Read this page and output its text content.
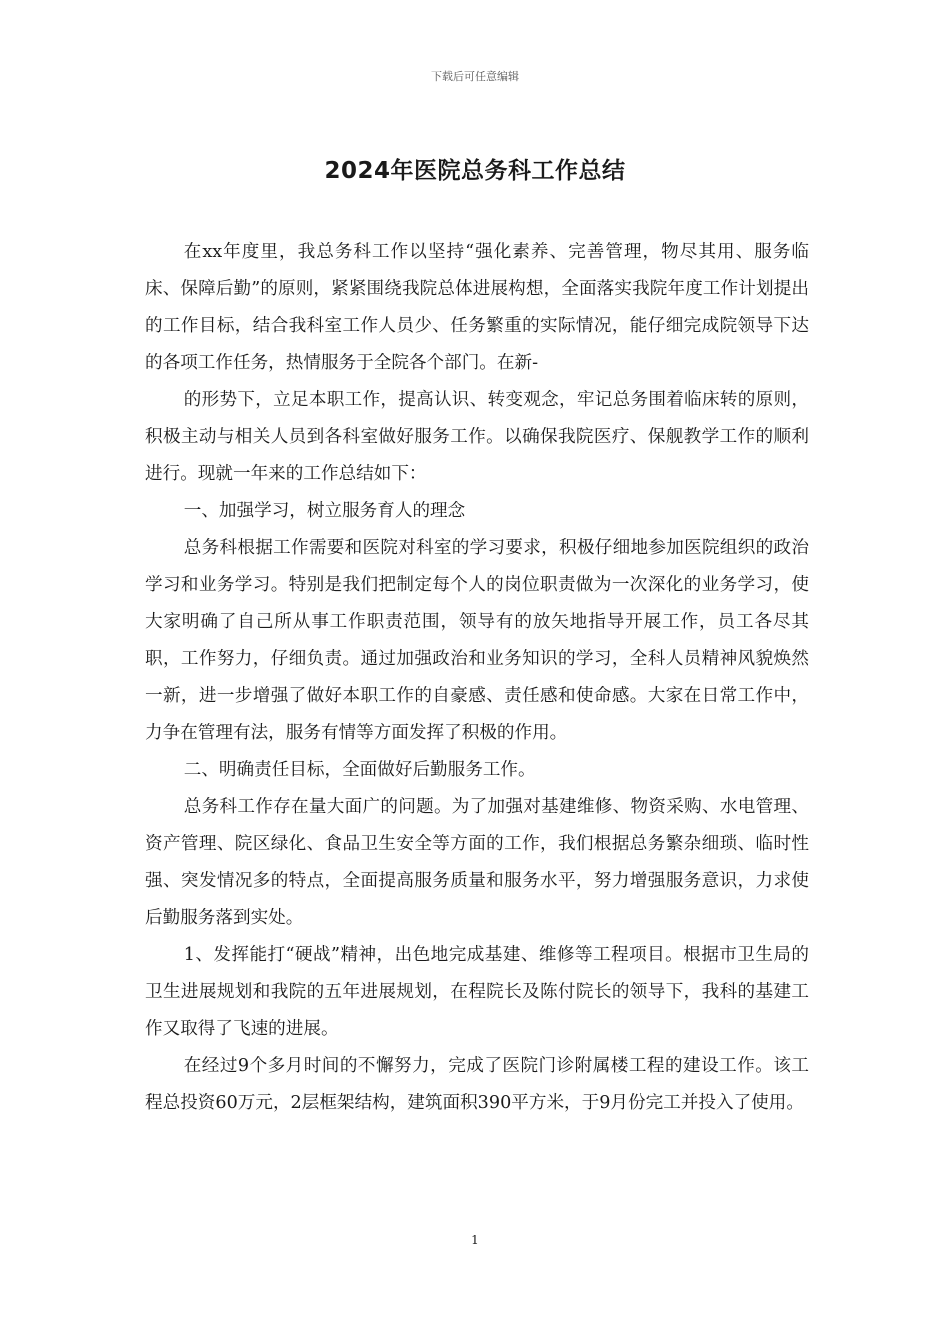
下载后可任意编辑
2024年医院总务科工作总结

在xx年度里，我总务科工作以坚持“强化素养、完善管理，物尽其用、服务临床、保障后勤”的原则，紧紧围绕我院总体进展构想，全面落实我院年度工作计划提出的工作目标，结合我科室工作人员少、任务繁重的实际情况，能仔细完成院领导下达的各项工作任务，热情服务于全院各个部门。在新-

的形势下，立足本职工作，提高认识、转变观念，牢记总务围着临床转的原则，积极主动与相关人员到各科室做好服务工作。以确保我院医疗、保舰教学工作的顺利进行。现就一年来的工作总结如下：

一、加强学习，树立服务育人的理念

总务科根据工作需要和医院对科室的学习要求，积极仔细地参加医院组织的政治学习和业务学习。特别是我们把制定每个人的岗位职责做为一次深化的业务学习，使大家明确了自己所从事工作职责范围，领导有的放矢地指导开展工作，员工各尽其职，工作努力，仔细负责。通过加强政治和业务知识的学习，全科人员精神风貌焕然一新，进一步增强了做好本职工作的自豪感、责任感和使命感。大家在日常工作中，力争在管理有法，服务有情等方面发挥了积极的作用。

二、明确责任目标，全面做好后勤服务工作。

总务科工作存在量大面广的问题。为了加强对基建维修、物资采购、水电管理、资产管理、院区绿化、食品卫生安全等方面的工作，我们根据总务繁杂细琐、临时性强、突发情况多的特点，全面提高服务质量和服务水平，努力增强服务意识，力求使后勤服务落到实处。

1、发挥能打“硬战”精神，出色地完成基建、维修等工程项目。根据市卫生局的卫生进展规划和我院的五年进展规划，在程院长及陈付院长的领导下，我科的基建工作又取得了飞速的进展。

在经过9个多月时间的不懈努力，完成了医院门诊附属楼工程的建设工作。该工程总投资60万元，2层框架结构，建筑面积390平方米，于9月份完工并投入了使用。

1
